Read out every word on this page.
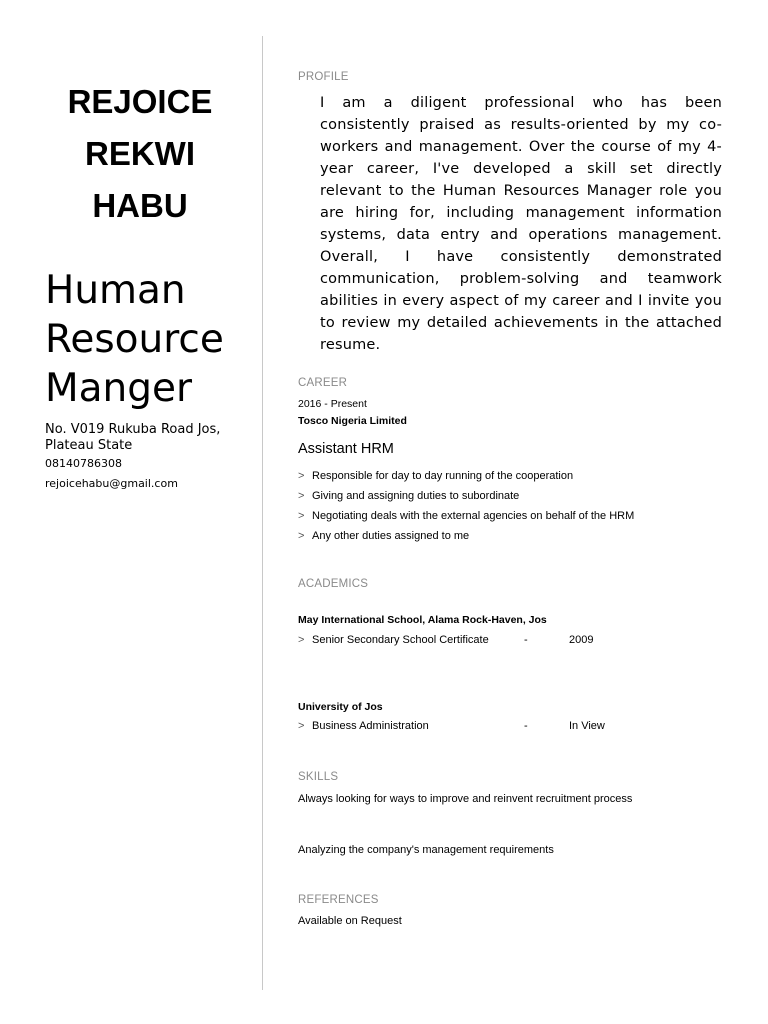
REJOICE
REKWI
HABU
Human
Resource
Manger
No. V019 Rukuba Road Jos, Plateau State
08140786308
rejoicehabu@gmail.com
PROFILE
I am a diligent professional who has been consistently praised as results-oriented by my co-workers and management. Over the course of my 4-year career, I've developed a skill set directly relevant to the Human Resources Manager role you are hiring for, including management information systems, data entry and operations management. Overall, I have consistently demonstrated communication, problem-solving and teamwork abilities in every aspect of my career and I invite you to review my detailed achievements in the attached resume.
CAREER
2016 - Present
Tosco Nigeria Limited
Assistant HRM
> Responsible for day to day running of the cooperation
> Giving and assigning duties to subordinate
> Negotiating deals with the external agencies on behalf of the HRM
> Any other duties assigned to me
ACADEMICS
May International School, Alama Rock-Haven, Jos
> Senior Secondary School Certificate	-	2009
University of Jos
> Business Administration	-	In View
SKILLS
Always looking for ways to improve and reinvent recruitment process
Analyzing the company's management requirements
REFERENCES
Available on Request
